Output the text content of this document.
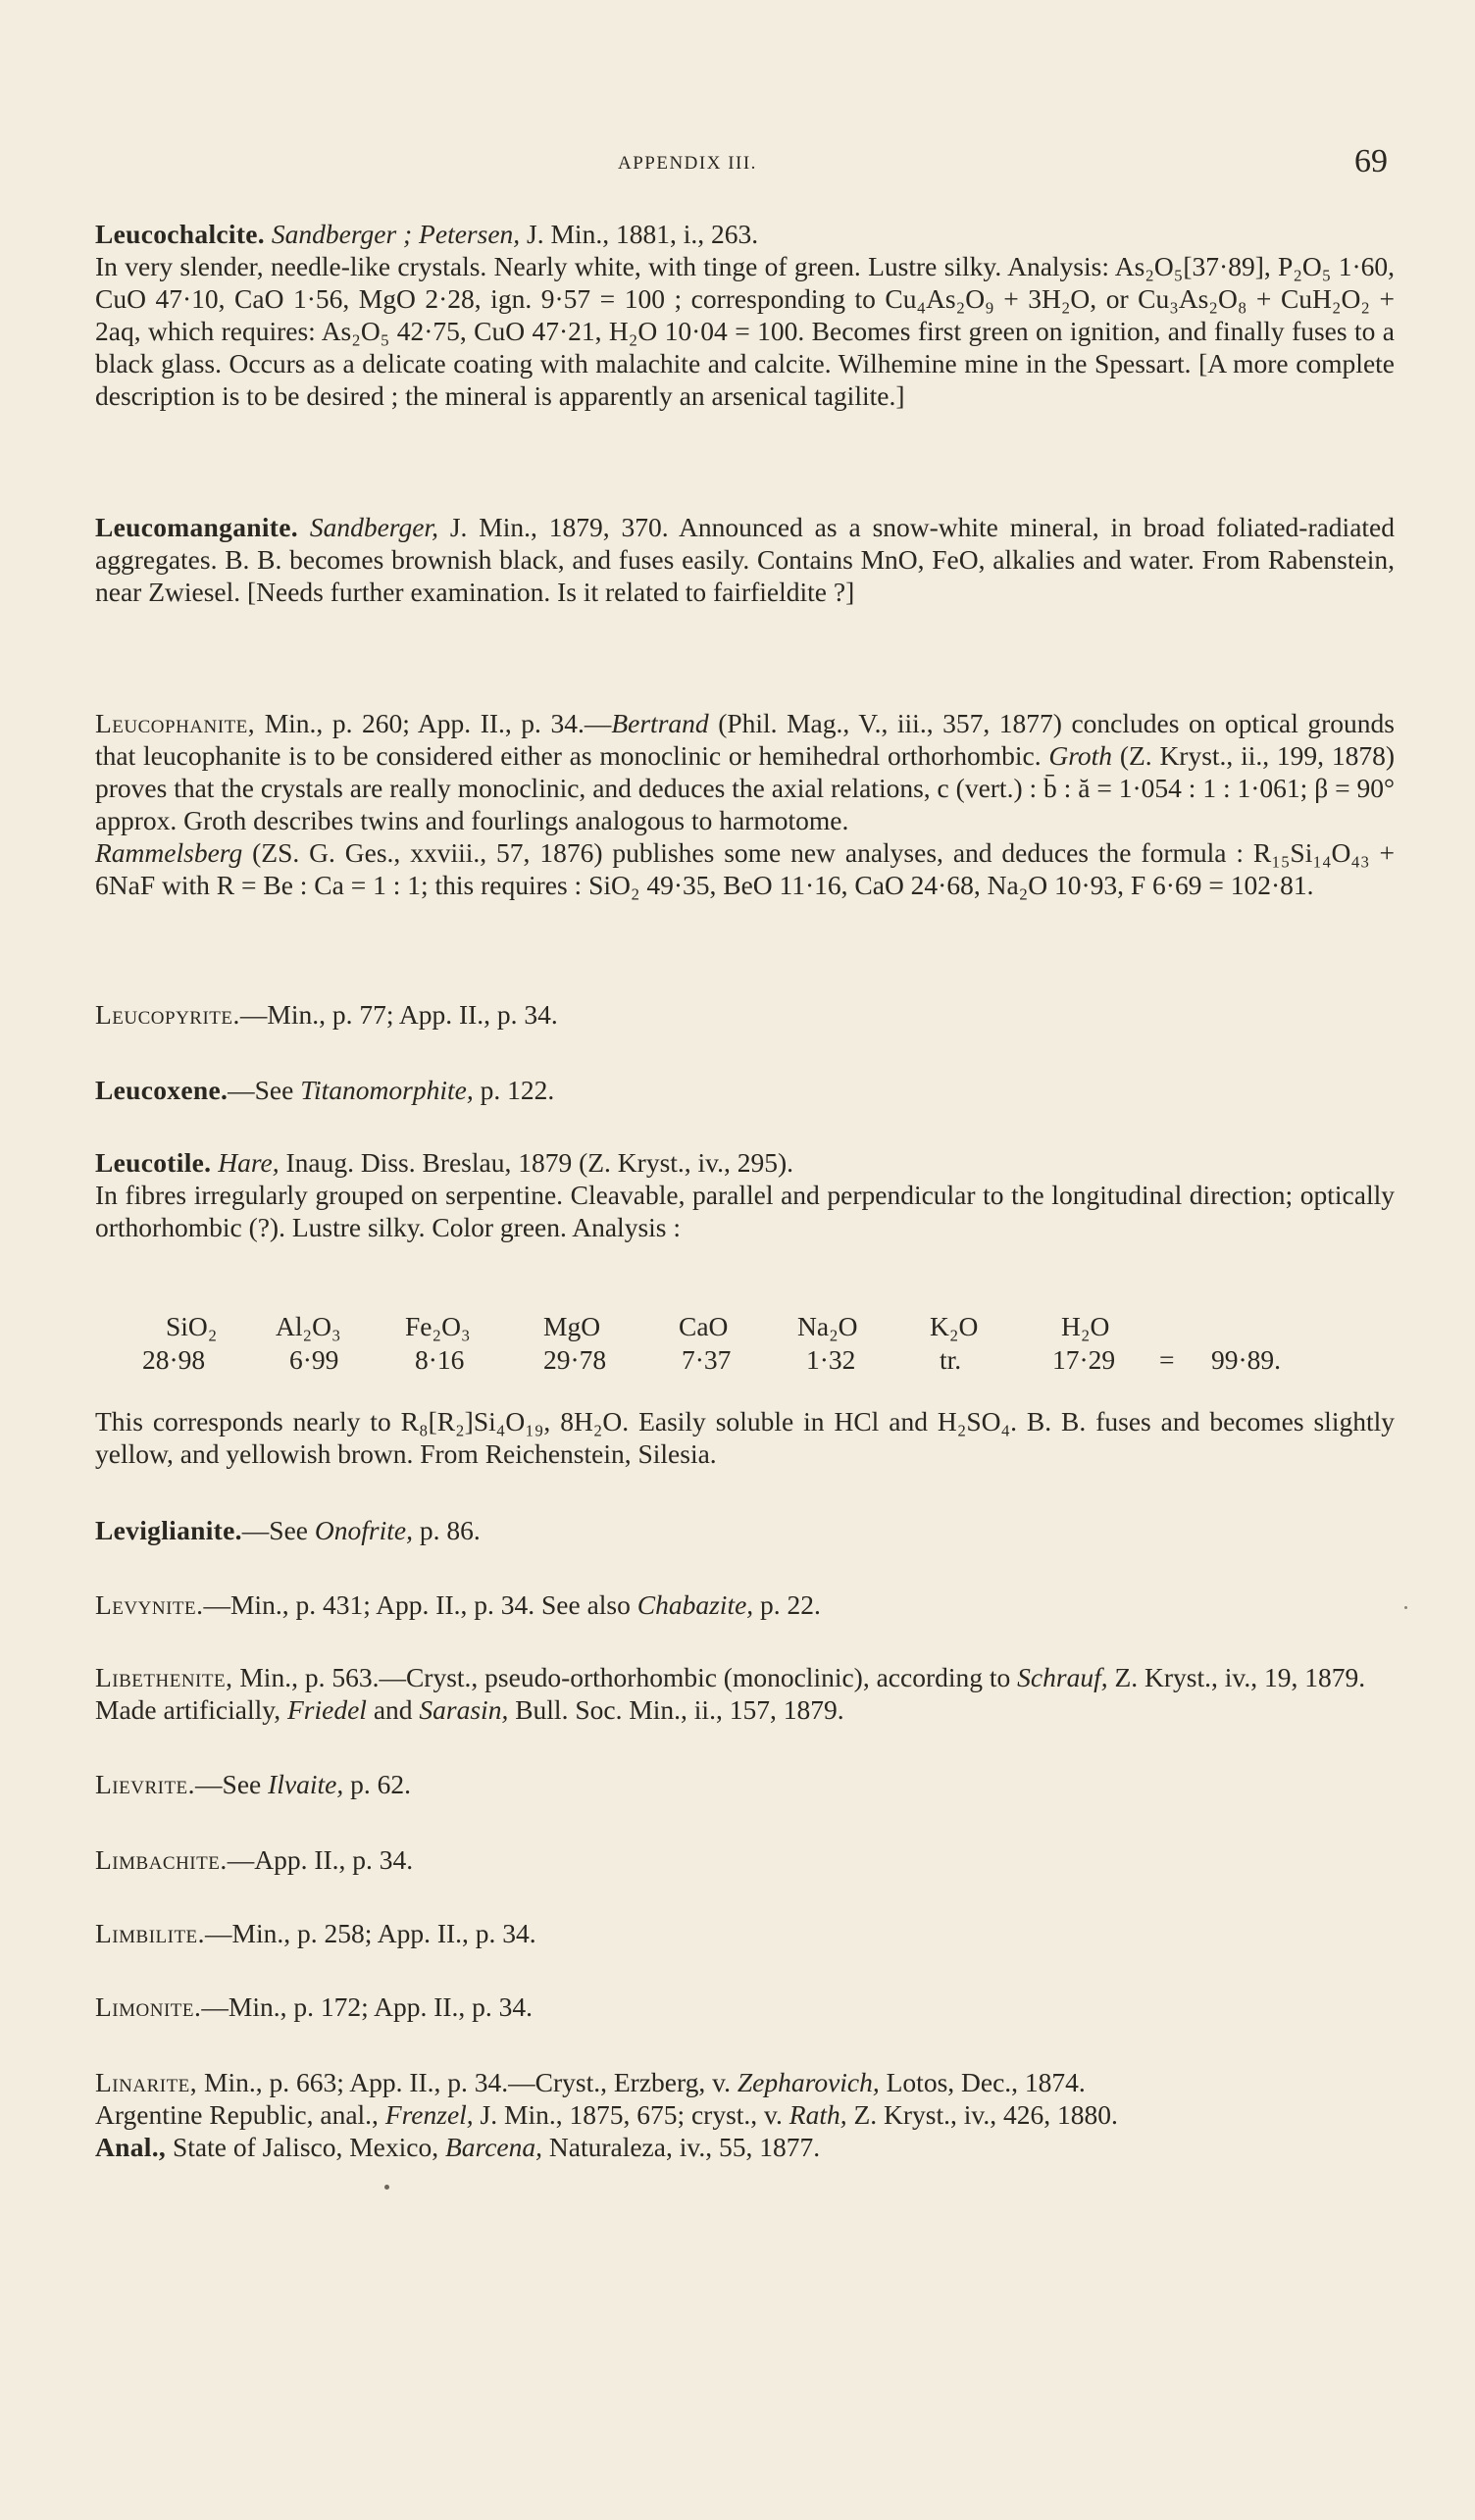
APPENDIX III.	69

Leucochalcite. Sandberger ; Petersen, J. Min., 1881, i., 263.

In very slender, needle-like crystals. Nearly white, with tinge of green. Lustre silky. Analysis: As₂O₅[37·89], P₂O₅ 1·60, CuO 47·10, CaO 1·56, MgO 2·28, ign. 9·57 = 100 ; corresponding to Cu₄As₂O₉ + 3H₂O, or Cu₃As₂O₈ + CuH₂O₂ + 2aq, which requires: As₂O₅ 42·75, CuO 47·21, H₂O 10·04 = 100. Becomes first green on ignition, and finally fuses to a black glass. Occurs as a delicate coating with malachite and calcite. Wilhemine mine in the Spessart. [A more complete description is to be desired ; the mineral is apparently an arsenical tagilite.]

Leucomanganite. Sandberger, J. Min., 1879, 370. Announced as a snow-white mineral, in broad foliated-radiated aggregates. B. B. becomes brownish black, and fuses easily. Contains MnO, FeO, alkalies and water. From Rabenstein, near Zwiesel. [Needs further examination. Is it related to fairfieldite ?]

Leucophanite, Min., p. 260; App. II., p. 34.—Bertrand (Phil. Mag., V., iii., 357, 1877) concludes on optical grounds that leucophanite is to be considered either as monoclinic or hemihedral orthorhombic. Groth (Z. Kryst., ii., 199, 1878) proves that the crystals are really monoclinic, and deduces the axial relations, c (vert.) : b̄ : ă = 1·054 : 1 : 1·061; β = 90° approx. Groth describes twins and fourlings analogous to harmotome.

Rammelsberg (ZS. G. Ges., xxviii., 57, 1876) publishes some new analyses, and deduces the formula : R₁₅Si₁₄O₄₃ + 6NaF with R = Be : Ca = 1 : 1; this requires : SiO₂ 49·35, BeO 11·16, CaO 24·68, Na₂O 10·93, F 6·69 = 102·81.

Leucopyrite.—Min., p. 77; App. II., p. 34.

Leucoxene.—See Titanomorphite, p. 122.

Leucotile. Hare, Inaug. Diss. Breslau, 1879 (Z. Kryst., iv., 295).

In fibres irregularly grouped on serpentine. Cleavable, parallel and perpendicular to the longitudinal direction; optically orthorhombic (?). Lustre silky. Color green. Analysis :

SiO₂ Al₂O₃ Fe₂O₃	MgO	CaO	Na₂O	K₂O	H₂O
28·98	6·99	8·16	29·78	7·37	1·32	tr.	17·29 = 99·89.

This corresponds nearly to R₈[R₂]Si₄O₁₉, 8H₂O. Easily soluble in HCl and H₂SO₄. B. B. fuses and becomes slightly yellow, and yellowish brown. From Reichenstein, Silesia.

Leviglianite.—See Onofrite, p. 86.

Levynite.—Min., p. 431; App. II., p. 34. See also Chabazite, p. 22.

Libethenite, Min., p. 563.—Cryst., pseudo-orthorhombic (monoclinic), according to Schrauf, Z. Kryst., iv., 19, 1879.

Made artificially, Friedel and Sarasin, Bull. Soc. Min., ii., 157, 1879.

Lievrite.—See Ilvaite, p. 62.

Limbachite.—App. II., p. 34.

Limbilite.—Min., p. 258; App. II., p. 34.

Limonite.—Min., p. 172; App. II., p. 34.

Linarite, Min., p. 663; App. II., p. 34.—Cryst., Erzberg, v. Zepharovich, Lotos, Dec., 1874.

Argentine Republic, anal., Frenzel, J. Min., 1875, 675; cryst., v. Rath, Z. Kryst., iv., 426, 1880.

Anal., State of Jalisco, Mexico, Barcena, Naturaleza, iv., 55, 1877.
